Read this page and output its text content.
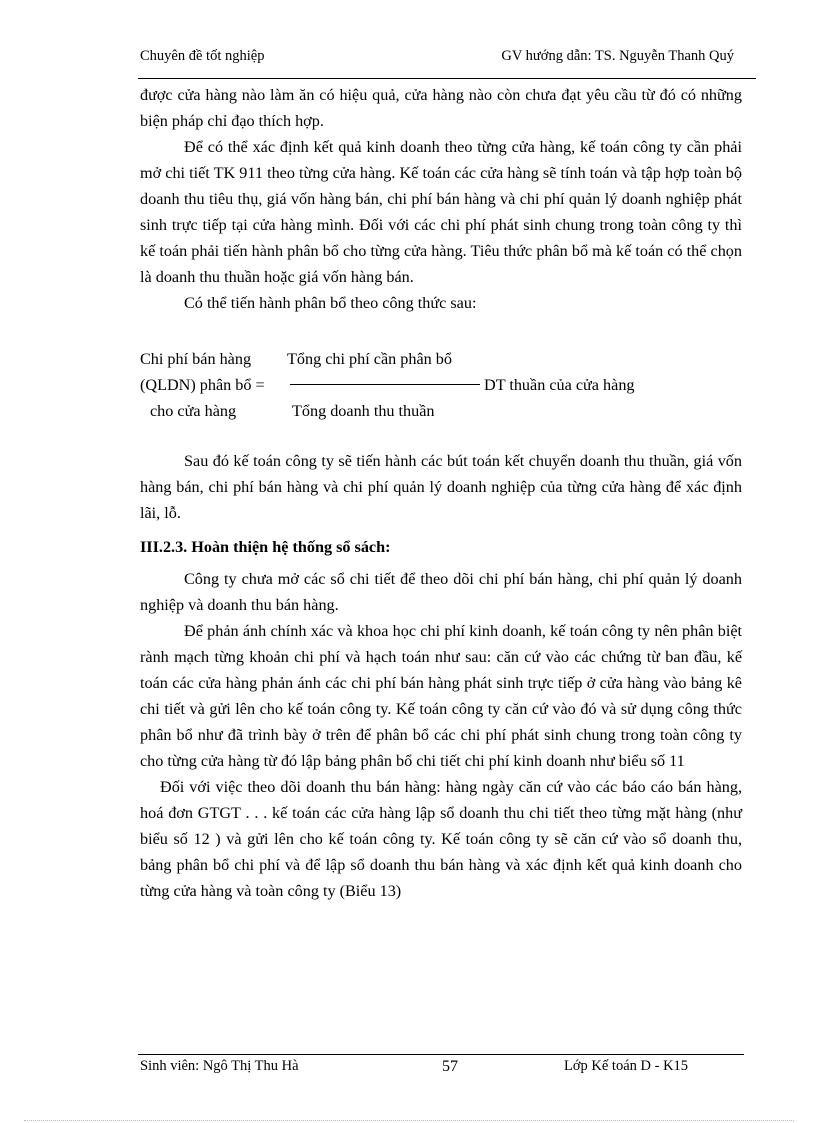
Chuyên đề tốt nghiệp	GV hướng dẫn: TS. Nguyễn Thanh Quý

được cửa hàng nào làm ăn có hiệu quả, cửa hàng nào còn chưa đạt yêu cầu từ đó có những biện pháp chỉ đạo thích hợp.

Để có thể xác định kết quả kinh doanh theo từng cửa hàng, kế toán công ty cần phải mở chi tiết TK 911 theo từng cửa hàng. Kế toán các cửa hàng sẽ tính toán và tập hợp toàn bộ doanh thu tiêu thụ, giá vốn hàng bán, chi phí bán hàng và chi phí quản lý doanh nghiệp phát sinh trực tiếp tại cửa hàng mình. Đối với các chi phí phát sinh chung trong toàn công ty thì kế toán phải tiến hành phân bổ cho từng cửa hàng. Tiêu thức phân bổ mà kế toán có thể chọn là doanh thu thuần hoặc giá vốn hàng bán.

Có thể tiến hành phân bổ theo công thức sau:

Chi phí bán hàng Tổng chi phí cần phân bổ
(QLDN) phân bổ =	DT thuần của cửa hàng
cho cửa hàng	Tổng doanh thu thuần

Sau đó kế toán công ty sẽ tiến hành các bút toán kết chuyển doanh thu thuần, giá vốn hàng bán, chi phí bán hàng và chi phí quản lý doanh nghiệp của từng cửa hàng để xác định lãi, lỗ.

III.2.3. Hoàn thiện hệ thống sổ sách:

Công ty chưa mở các sổ chi tiết để theo dõi chi phí bán hàng, chi phí quản lý doanh nghiệp và doanh thu bán hàng.

Để phản ánh chính xác và khoa học chi phí kinh doanh, kế toán công ty nên phân biệt rành mạch từng khoản chi phí và hạch toán như sau: căn cứ vào các chứng từ ban đầu, kế toán các cửa hàng phản ánh các chi phí bán hàng phát sinh trực tiếp ở cửa hàng vào bảng kê chi tiết và gửi lên cho kế toán công ty. Kế toán công ty căn cứ vào đó và sử dụng công thức phân bổ như đã trình bày ở trên để phân bổ các chi phí phát sinh chung trong toàn công ty cho từng cửa hàng từ đó lập bảng phân bổ chi tiết chi phí kinh doanh như biểu số 11

Đối với việc theo dõi doanh thu bán hàng: hàng ngày căn cứ vào các báo cáo bán hàng, hoá đơn GTGT . . . kế toán các cửa hàng lập sổ doanh thu chi tiết theo từng mặt hàng (như biểu số 12 ) và gửi lên cho kế toán công ty. Kế toán công ty sẽ căn cứ vào sổ doanh thu, bảng phân bổ chi phí và để lập sổ doanh thu bán hàng và xác định kết quả kinh doanh cho từng cửa hàng và toàn công ty (Biểu 13)

Sinh viên: Ngô Thị Thu Hà	57	Lớp Kế toán D - K15
